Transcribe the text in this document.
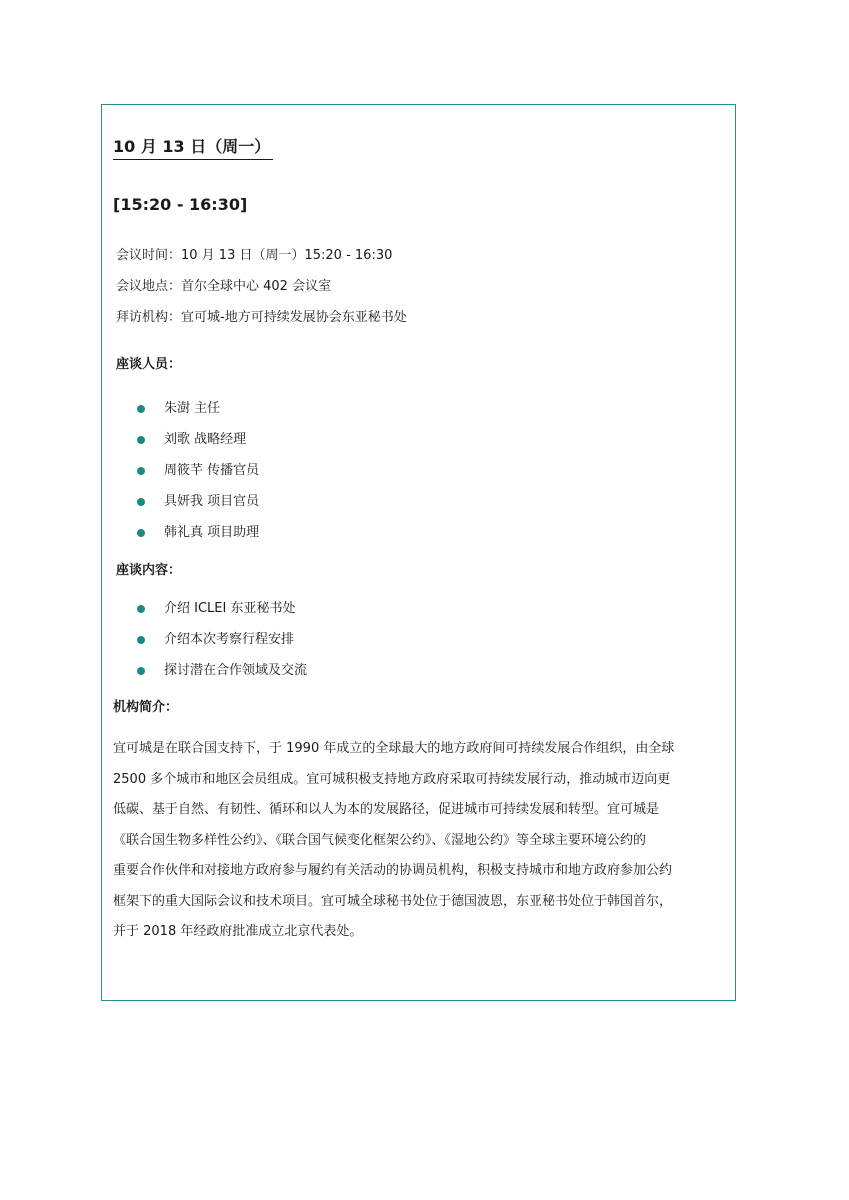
10 月 13 日（周一）
[15:20 - 16:30]
会议时间：10 月 13 日（周一）15:20 - 16:30
会议地点：首尔全球中心 402 会议室
拜访机构：宜可城-地方可持续发展协会东亚秘书处
座谈人员：
朱澍 主任
刘歌 战略经理
周筱芊 传播官员
具妍我 项目官员
韩礼真 项目助理
座谈内容：
介绍 ICLEI 东亚秘书处
介绍本次考察行程安排
探讨潜在合作领域及交流
机构简介：
宜可城是在联合国支持下，于 1990 年成立的全球最大的地方政府间可持续发展合作组织，由全球
2500 多个城市和地区会员组成。宜可城积极支持地方政府采取可持续发展行动，推动城市迈向更
低碳、基于自然、有韧性、循环和以人为本的发展路径，促进城市可持续发展和转型。宜可城是
《联合国生物多样性公约》、《联合国气候变化框架公约》、《湿地公约》等全球主要环境公约的
重要合作伙伴和对接地方政府参与履约有关活动的协调员机构，积极支持城市和地方政府参加公约
框架下的重大国际会议和技术项目。宜可城全球秘书处位于德国波恩，东亚秘书处位于韩国首尔，
并于 2018 年经政府批准成立北京代表处。
